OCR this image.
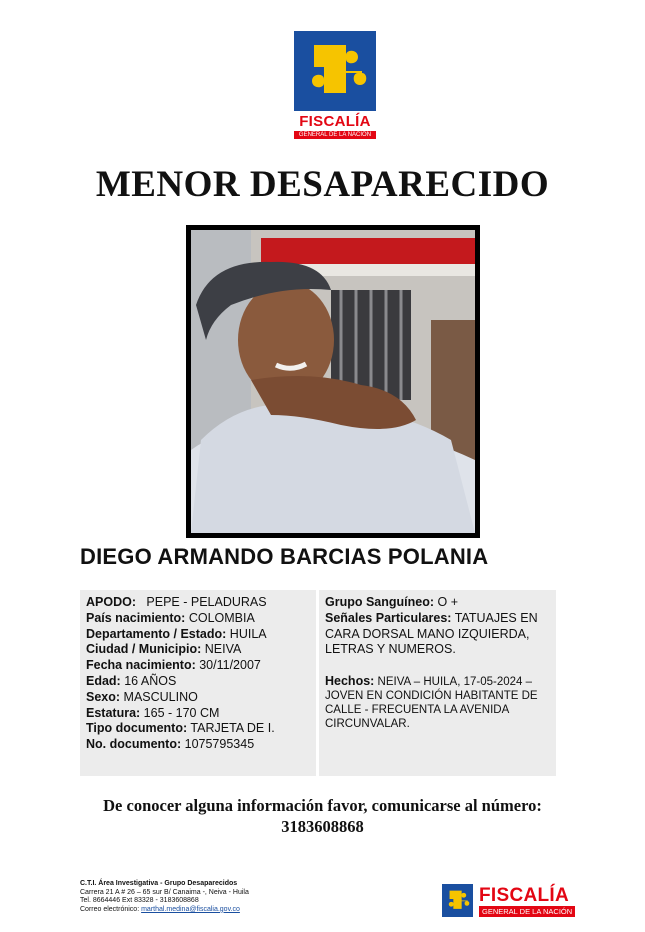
FISCALÍA
GENERAL DE LA NACIÓN
MENOR DESAPARECIDO
DIEGO ARMANDO BARCIAS POLANIA
APODO: PEPE - PELADURAS
País nacimiento: COLOMBIA
Departamento / Estado: HUILA
Ciudad / Municipio: NEIVA
Fecha nacimiento: 30/11/2007
Edad: 16 AÑOS
Sexo: MASCULINO
Estatura: 165 - 170 CM
Tipo documento: TARJETA DE I.
No. documento: 1075795345
Grupo Sanguíneo: O +
Señales Particulares: TATUAJES EN CARA DORSAL MANO IZQUIERDA, LETRAS Y NUMEROS.
Hechos: NEIVA – HUILA, 17-05-2024 – JOVEN EN CONDICIÓN HABITANTE DE CALLE - FRECUENTA LA AVENIDA CIRCUNVALAR.
De conocer alguna información favor, comunicarse al número:
3183608868
C.T.I. Área Investigativa - Grupo Desaparecidos
Carrera 21 A # 26 – 65 sur B/ Canaima -, Neiva - Huila
Tel. 8664446 Ext 83328 - 3183608868
Correo electrónico: marthal.medina@fiscalia.gov.co
FISCALÍA
GENERAL DE LA NACIÓN
